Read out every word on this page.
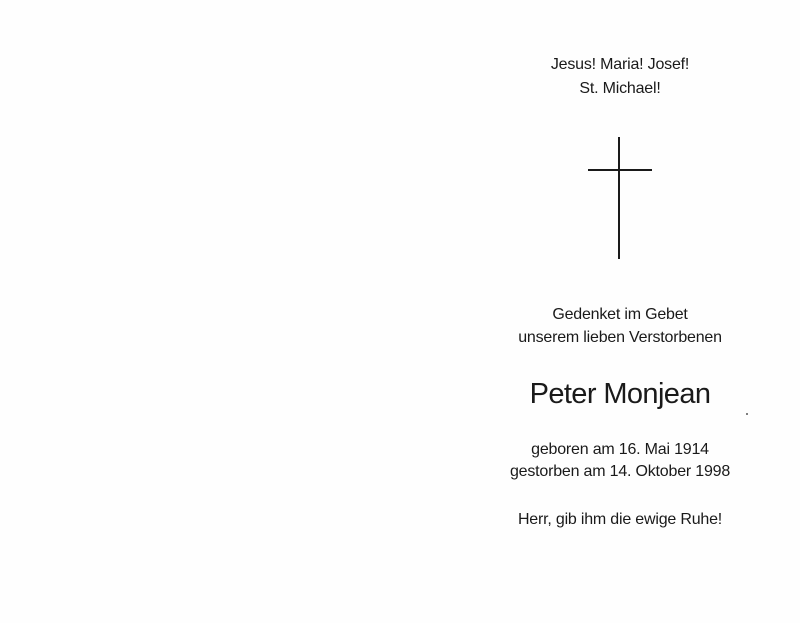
Jesus! Maria! Josef!
St. Michael!
Gedenket im Gebet
unserem lieben Verstorbenen
Peter Monjean
geboren am 16. Mai 1914
gestorben am 14. Oktober 1998
Herr, gib ihm die ewige Ruhe!
